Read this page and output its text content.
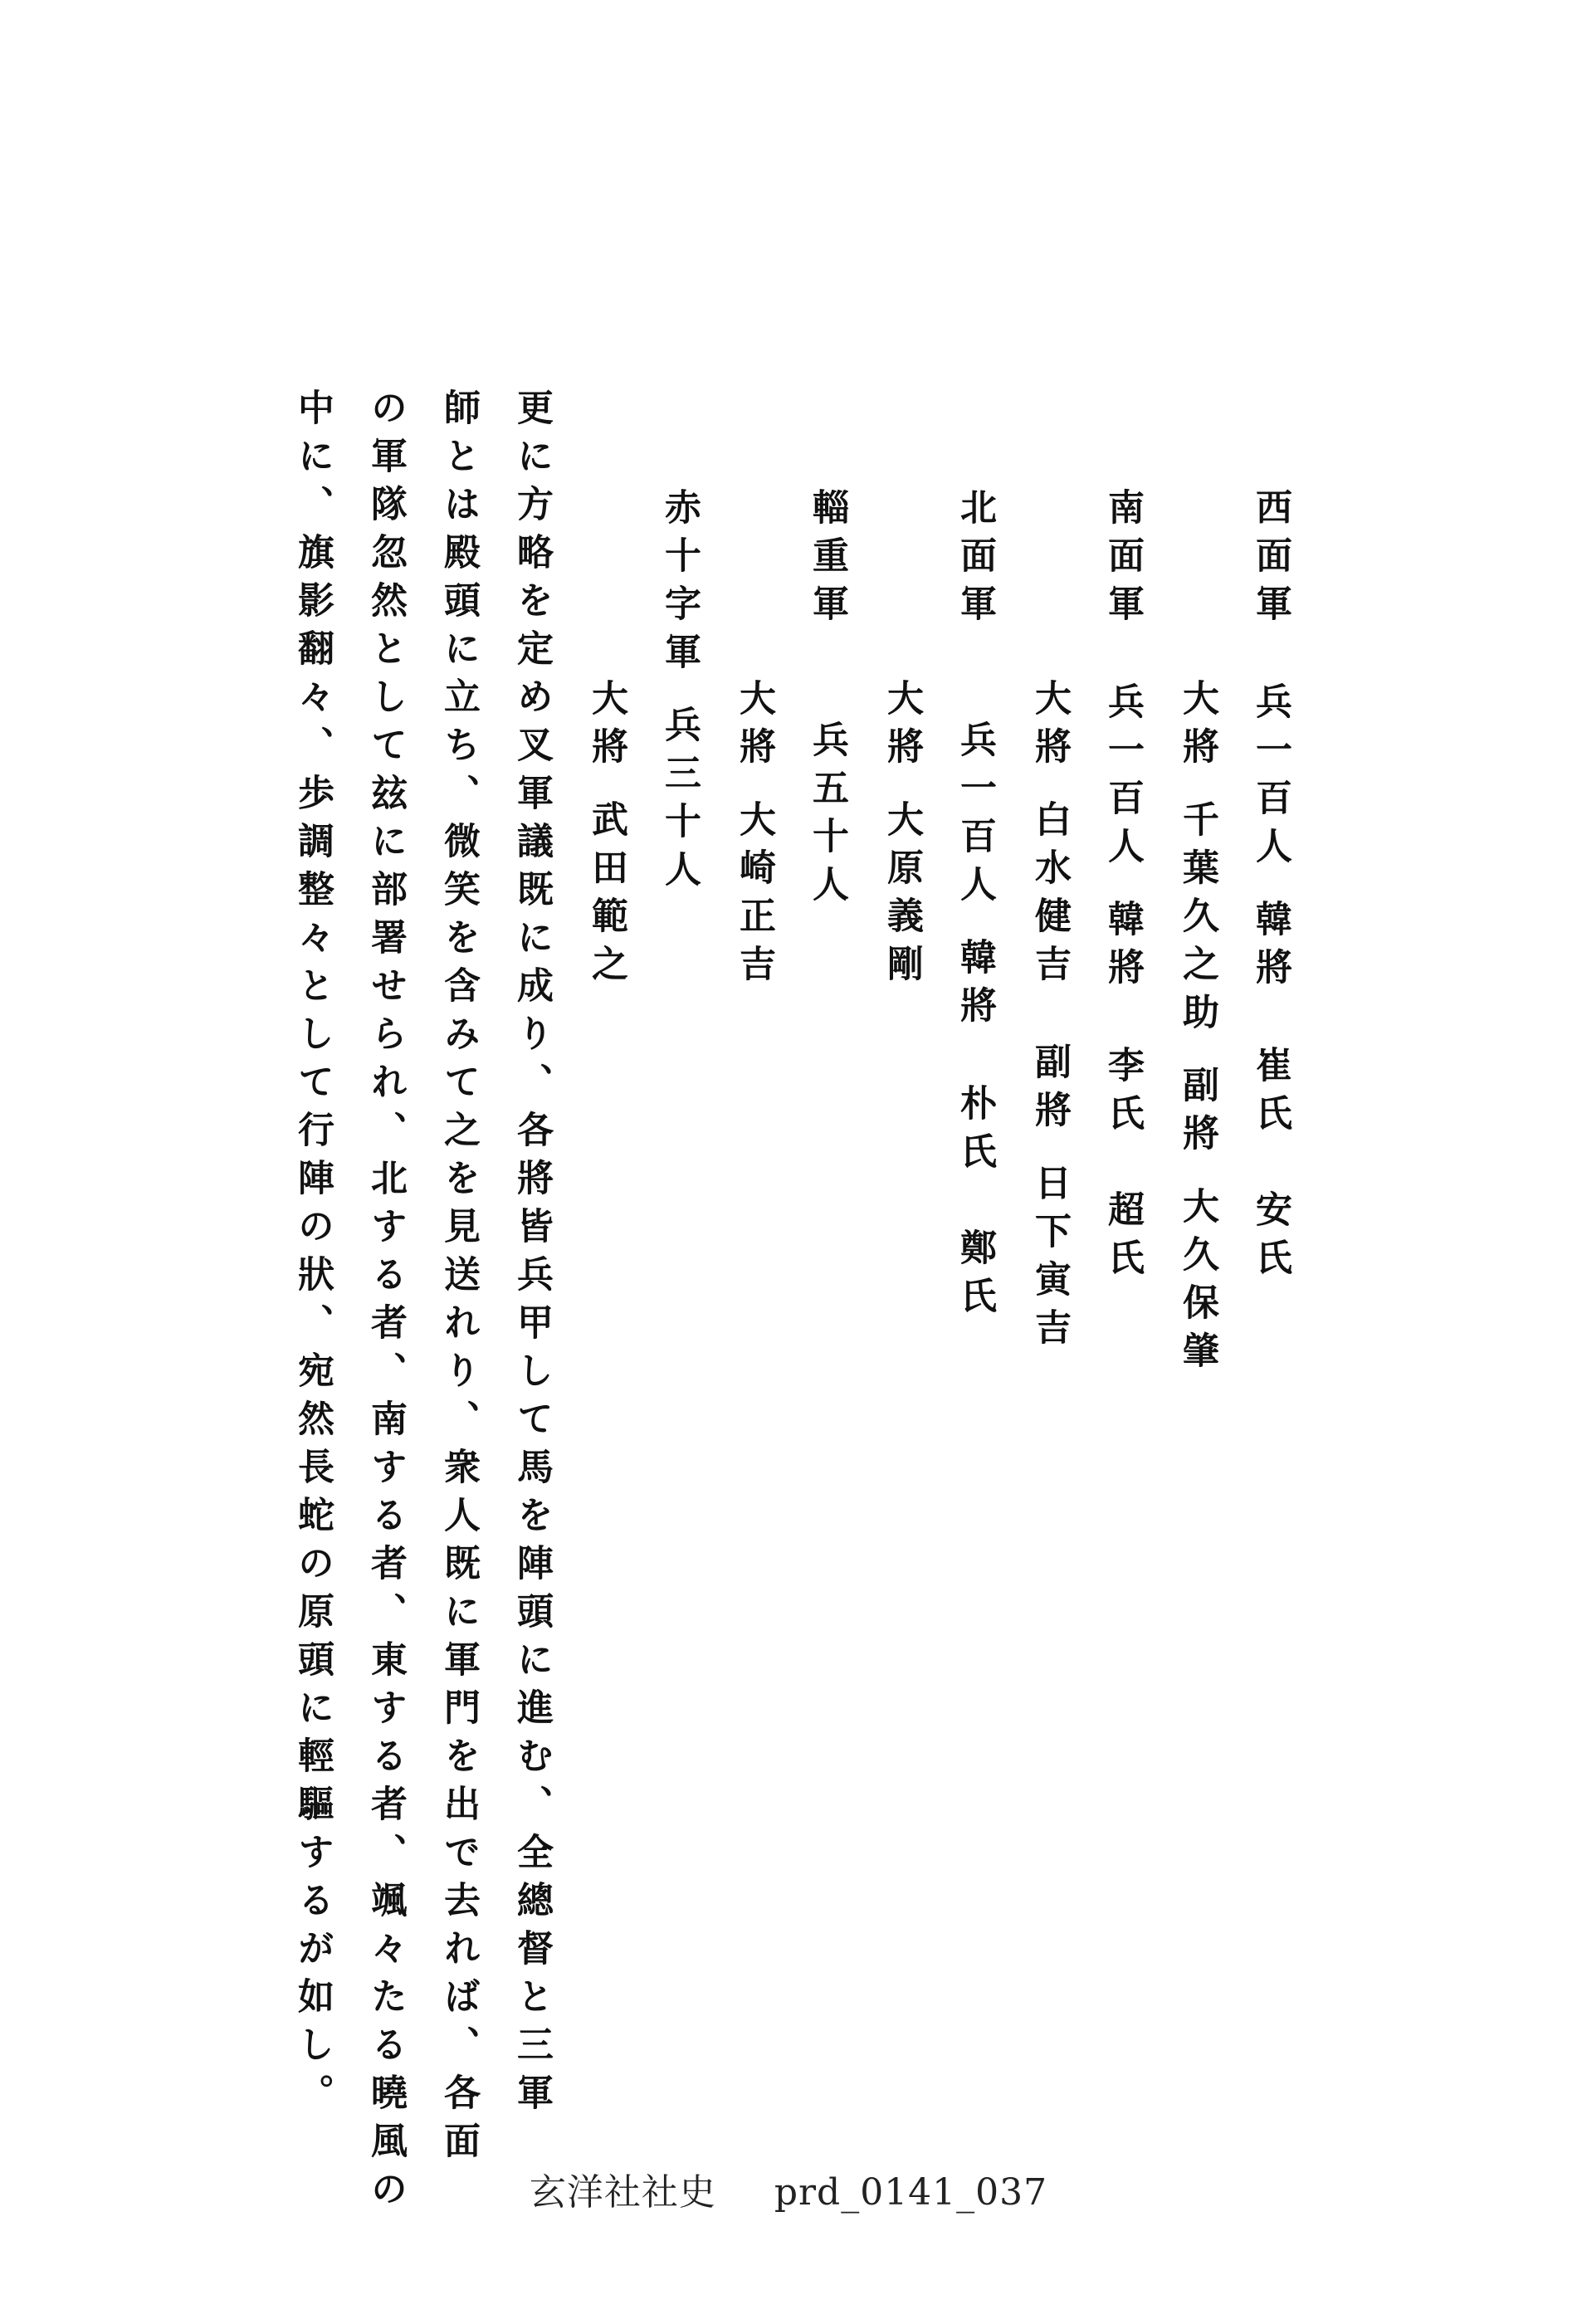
西面軍兵一百人韓將崔氏　安氏
大將千葉久之助副將大久保肇
南面軍兵一百人韓將李氏　超氏
大將白水健吉副將日下寅吉
北面軍
大將大原義剛 兵一百人韓將朴氏　鄭氏
輜重軍
兵五十人
大將大崎正吉
赤十字軍兵三十人
大將武田範之
更に方略を定め叉軍議既に成り、各將皆兵甲して馬を陣頭に進む、全總督と三軍
師とは殿頭に立ち、微笑を含みて之を見送れり、衆人既に軍門を出で去れば、各面
の軍隊忽然として玆に部署せられ、北する者、南する者、東する者、颯々たる曉風の
中に、旗影翻々、歩調整々として行陣の狀、宛然長蛇の原頭に輕驅するが如し。
玄洋社社史 prd_0141_037
